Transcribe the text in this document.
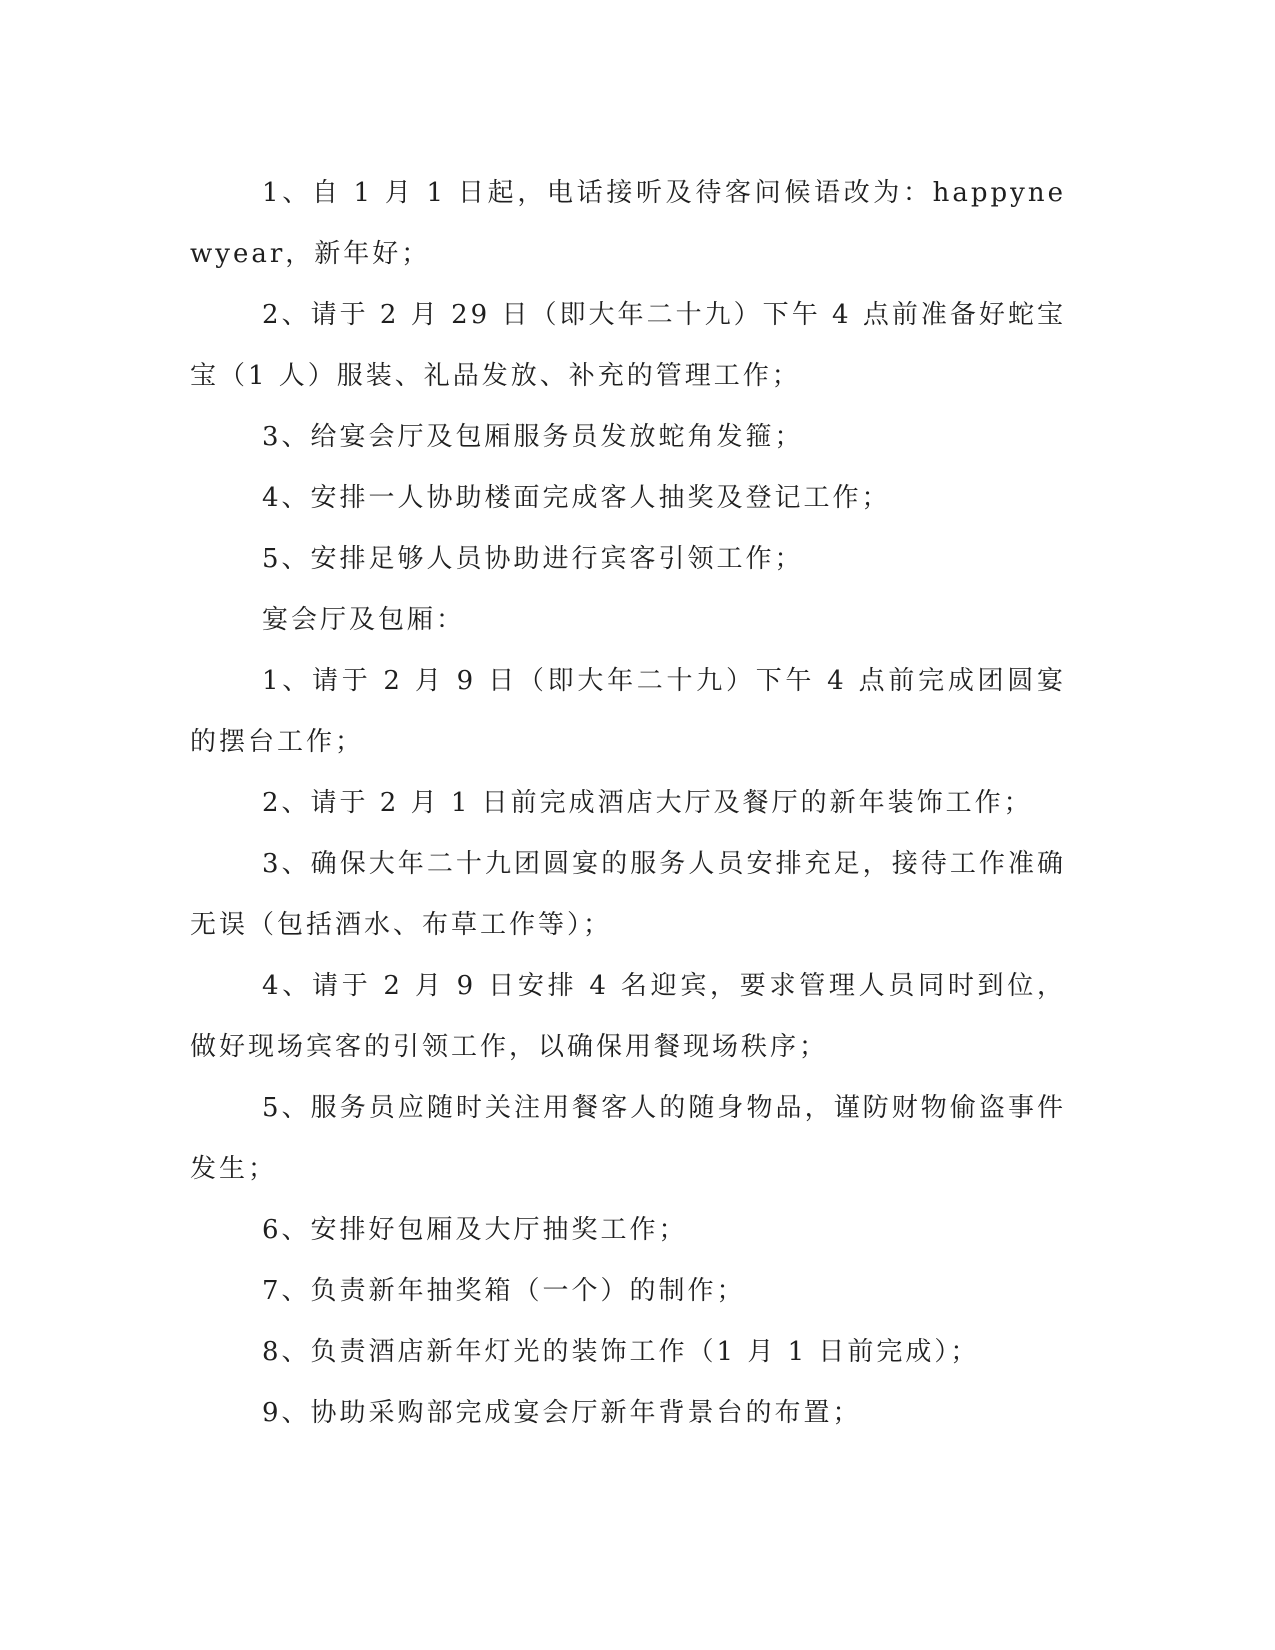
1、自 1 月 1 日起，电话接听及待客问候语改为：happynewyear，新年好；

2、请于 2 月 29 日（即大年二十九）下午 4 点前准备好蛇宝宝（1 人）服装、礼品发放、补充的管理工作；

3、给宴会厅及包厢服务员发放蛇角发箍；

4、安排一人协助楼面完成客人抽奖及登记工作；

5、安排足够人员协助进行宾客引领工作；

宴会厅及包厢：

1、请于 2 月 9 日（即大年二十九）下午 4 点前完成团圆宴的摆台工作；

2、请于 2 月 1 日前完成酒店大厅及餐厅的新年装饰工作；

3、确保大年二十九团圆宴的服务人员安排充足，接待工作准确无误（包括酒水、布草工作等）；

4、请于 2 月 9 日安排 4 名迎宾，要求管理人员同时到位，做好现场宾客的引领工作，以确保用餐现场秩序；

5、服务员应随时关注用餐客人的随身物品，谨防财物偷盗事件发生；

6、安排好包厢及大厅抽奖工作；

7、负责新年抽奖箱（一个）的制作；

8、负责酒店新年灯光的装饰工作（1 月 1 日前完成）；

9、协助采购部完成宴会厅新年背景台的布置；
